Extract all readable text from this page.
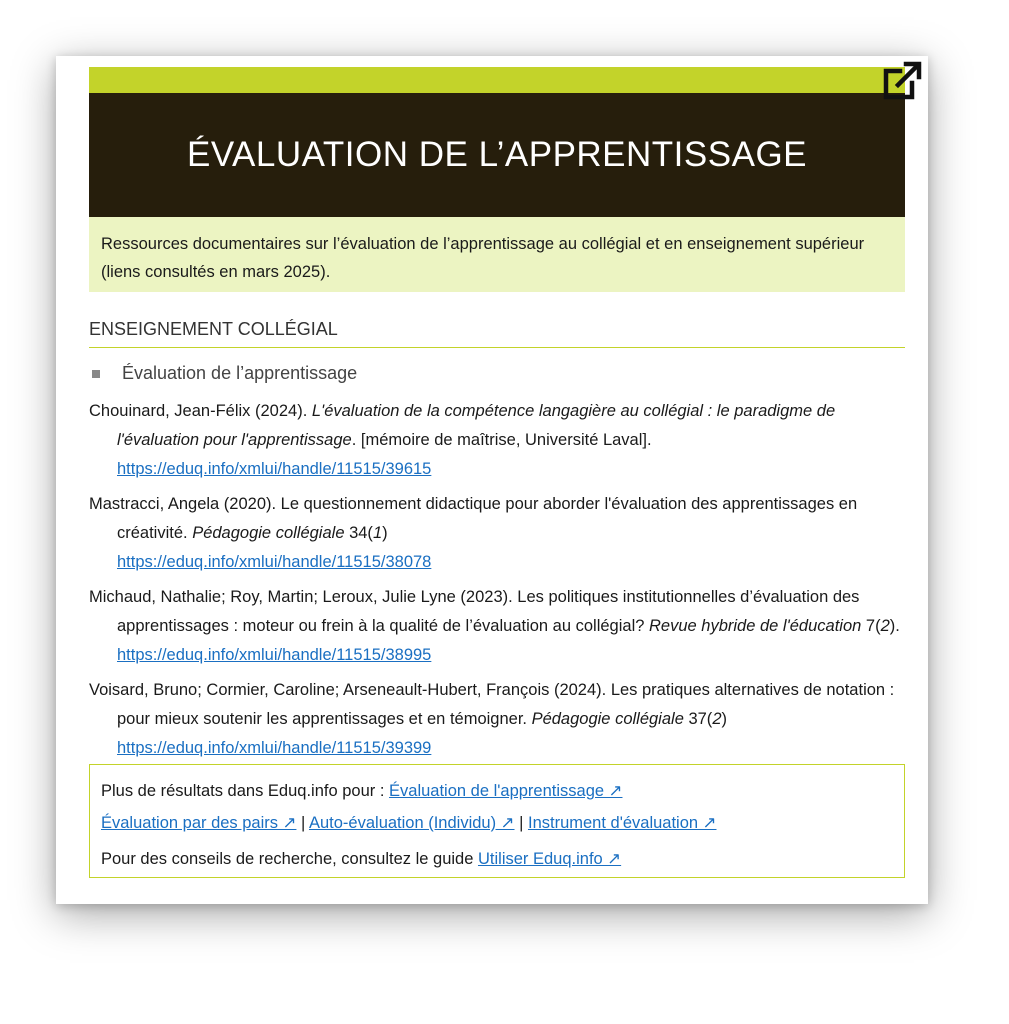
ÉVALUATION DE L’APPRENTISSAGE
Ressources documentaires sur l’évaluation de l’apprentissage au collégial et en enseignement supérieur (liens consultés en mars 2025).
ENSEIGNEMENT COLLÉGIAL
Évaluation de l’apprentissage
Chouinard, Jean-Félix (2024). L'évaluation de la compétence langagière au collégial : le paradigme de l'évaluation pour l'apprentissage. [mémoire de maîtrise, Université Laval].
https://eduq.info/xmlui/handle/11515/39615
Mastracci, Angela (2020). Le questionnement didactique pour aborder l'évaluation des apprentissages en créativité. Pédagogie collégiale 34(1)
https://eduq.info/xmlui/handle/11515/38078
Michaud, Nathalie; Roy, Martin; Leroux, Julie Lyne (2023). Les politiques institutionnelles d’évaluation des apprentissages : moteur ou frein à la qualité de l’évaluation au collégial? Revue hybride de l'éducation 7(2). https://eduq.info/xmlui/handle/11515/38995
Voisard, Bruno; Cormier, Caroline; Arseneault-Hubert, François (2024). Les pratiques alternatives de notation : pour mieux soutenir les apprentissages et en témoigner. Pédagogie collégiale 37(2) https://eduq.info/xmlui/handle/11515/39399
Plus de résultats dans Eduq.info pour : Évaluation de l'apprentissage ↗
Évaluation par des pairs ↗ | Auto-évaluation (Individu) ↗ | Instrument d'évaluation ↗
Pour des conseils de recherche, consultez le guide Utiliser Eduq.info ↗
